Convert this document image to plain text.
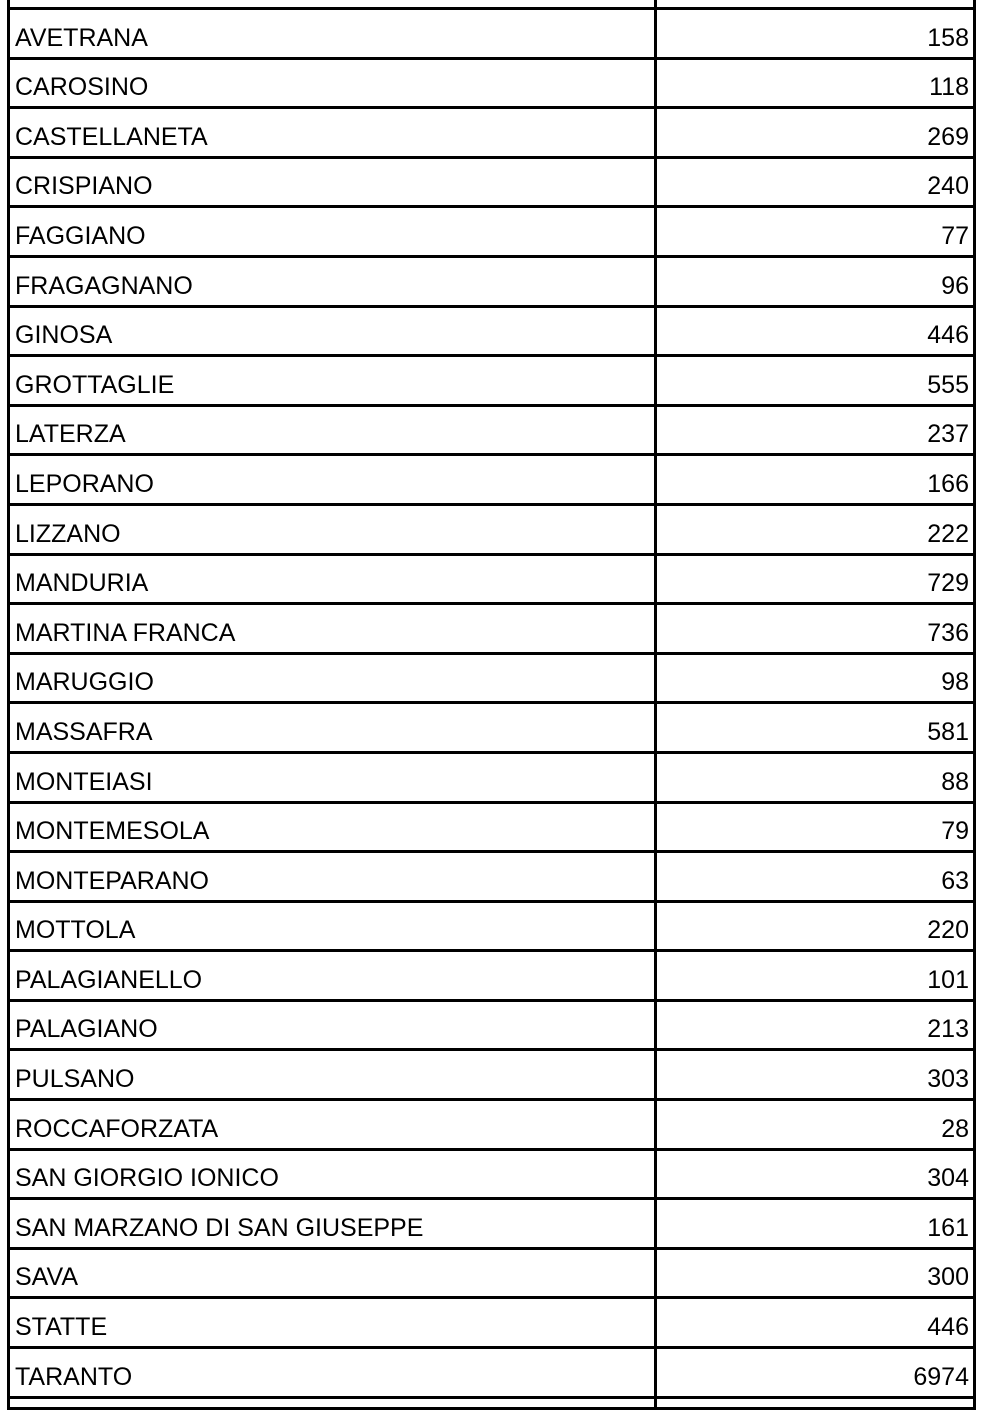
AVETRANA	158
CAROSINO	118
CASTELLANETA	269
CRISPIANO	240
FAGGIANO	77
FRAGAGNANO	96
GINOSA	446
GROTTAGLIE	555
LATERZA	237
LEPORANO	166
LIZZANO	222
MANDURIA	729
MARTINA FRANCA	736
MARUGGIO	98
MASSAFRA	581
MONTEIASI	88
MONTEMESOLA	79
MONTEPARANO	63
MOTTOLA	220
PALAGIANELLO	101
PALAGIANO	213
PULSANO	303
ROCCAFORZATA	28
SAN GIORGIO IONICO	304
SAN MARZANO DI SAN GIUSEPPE	161
SAVA	300
STATTE	446
TARANTO	6974
